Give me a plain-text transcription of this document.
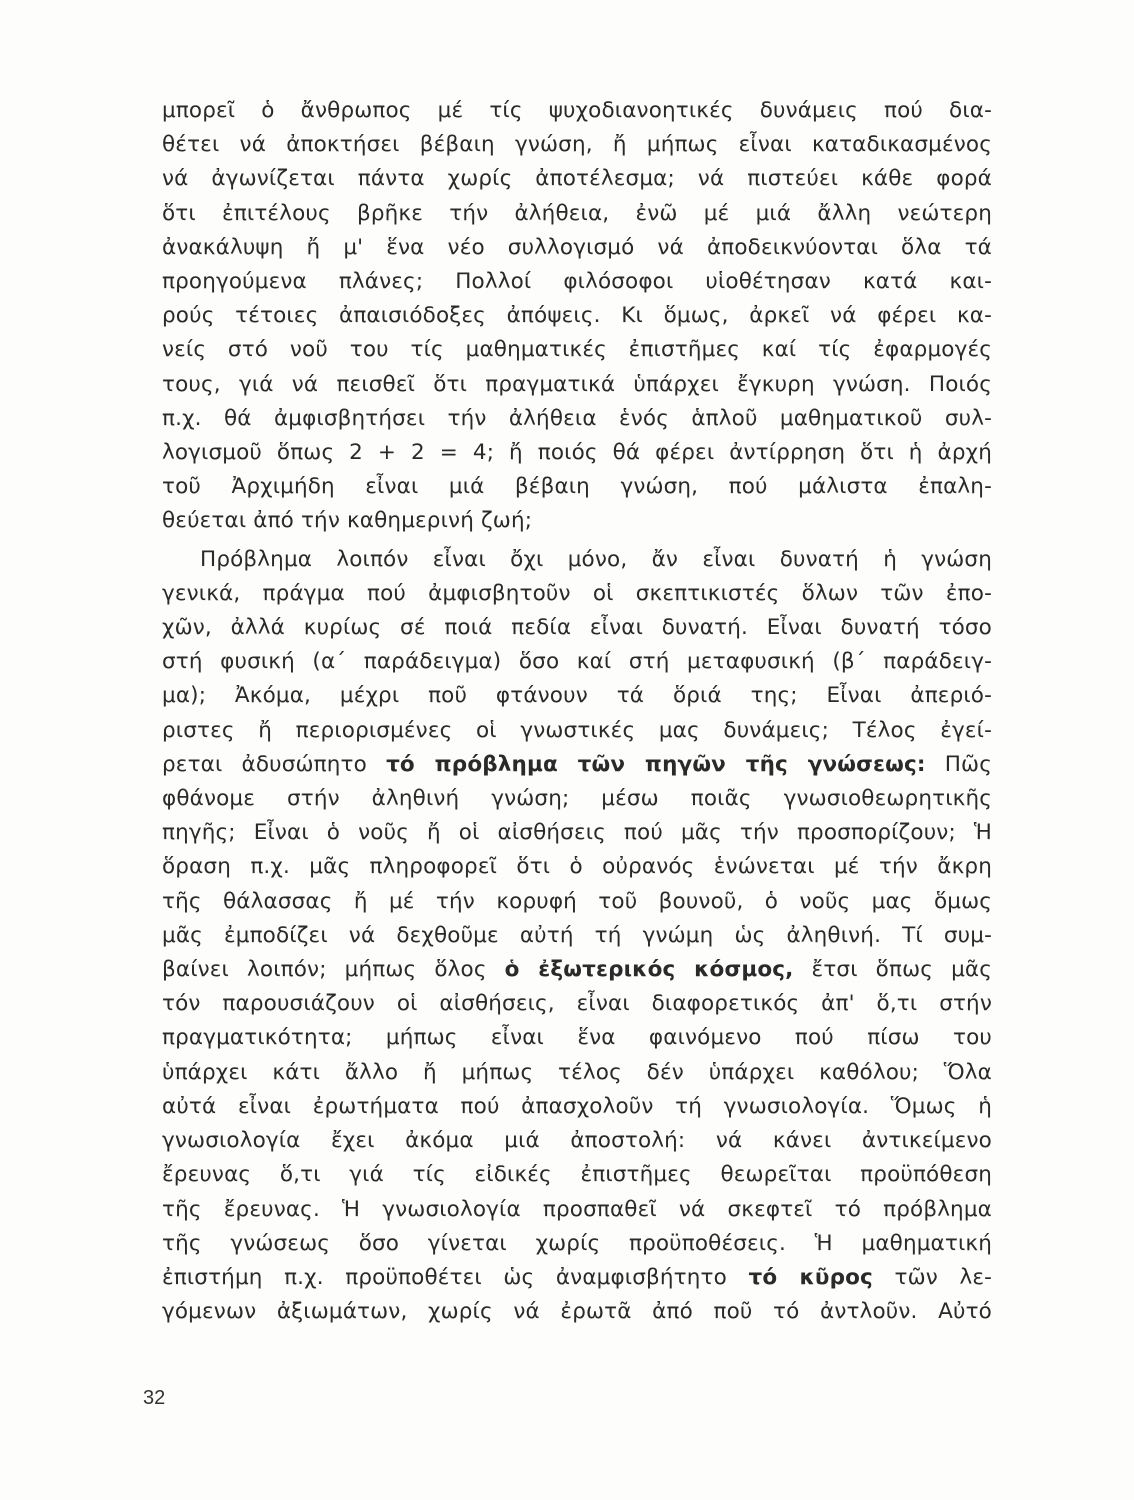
μπορεῖ ὁ ἄνθρωπος μέ τίς ψυχοδιανοητικές δυνάμεις πού δια-
θέτει νά ἀποκτήσει βέβαιη γνώση, ἤ μήπως εἶναι καταδικασμένος
νά ἀγωνίζεται πάντα χωρίς ἀποτέλεσμα; νά πιστεύει κάθε φορά
ὅτι ἐπιτέλους βρῆκε τήν ἀλήθεια, ἐνῶ μέ μιά ἄλλη νεώτερη
ἀνακάλυψη ἤ μ' ἕνα νέο συλλογισμό νά ἀποδεικνύονται ὅλα τά
προηγούμενα πλάνες; Πολλοί φιλόσοφοι υἱοθέτησαν κατά και-
ρούς τέτοιες ἀπαισιόδοξες ἀπόψεις. Κι ὅμως, ἀρκεῖ νά φέρει κα-
νείς στό νοῦ του τίς μαθηματικές ἐπιστῆμες καί τίς ἐφαρμογές
τους, γιά νά πεισθεῖ ὅτι πραγματικά ὑπάρχει ἔγκυρη γνώση. Ποιός
π.χ. θά ἀμφισβητήσει τήν ἀλήθεια ἑνός ἁπλοῦ μαθηματικοῦ συλ-
λογισμοῦ ὅπως 2 + 2 = 4; ἤ ποιός θά φέρει ἀντίρρηση ὅτι ἡ ἀρχή
τοῦ Ἀρχιμήδη εἶναι μιά βέβαιη γνώση, πού μάλιστα ἐπαλη-
θεύεται ἀπό τήν καθημερινή ζωή;
Πρόβλημα λοιπόν εἶναι ὄχι μόνο, ἄν εἶναι δυνατή ἡ γνώση
γενικά, πράγμα πού ἀμφισβητοῦν οἱ σκεπτικιστές ὅλων τῶν ἐπο-
χῶν, ἀλλά κυρίως σέ ποιά πεδία εἶναι δυνατή. Εἶναι δυνατή τόσο
στή φυσική (α΄ παράδειγμα) ὅσο καί στή μεταφυσική (β΄ παράδειγ-
μα); Ἀκόμα, μέχρι ποῦ φτάνουν τά ὅριά της; Εἶναι ἀπεριό-
ριστες ἤ περιορισμένες οἱ γνωστικές μας δυνάμεις; Τέλος ἐγεί-
ρεται ἀδυσώπητο τό πρόβλημα τῶν πηγῶν τῆς γνώσεως: Πῶς
φθάνομε στήν ἀληθινή γνώση; μέσω ποιᾶς γνωσιοθεωρητικῆς
πηγῆς; Εἶναι ὁ νοῦς ἤ οἱ αἰσθήσεις πού μᾶς τήν προσπορίζουν; Ἡ
ὅραση π.χ. μᾶς πληροφορεῖ ὅτι ὁ οὐρανός ἑνώνεται μέ τήν ἄκρη
τῆς θάλασσας ἤ μέ τήν κορυφή τοῦ βουνοῦ, ὁ νοῦς μας ὅμως
μᾶς ἐμποδίζει νά δεχθοῦμε αὐτή τή γνώμη ὡς ἀληθινή. Τί συμ-
βαίνει λοιπόν; μήπως ὅλος ὁ ἐξωτερικός κόσμος, ἔτσι ὅπως μᾶς
τόν παρουσιάζουν οἱ αἰσθήσεις, εἶναι διαφορετικός ἀπ' ὅ,τι στήν
πραγματικότητα; μήπως εἶναι ἕνα φαινόμενο πού πίσω του
ὑπάρχει κάτι ἄλλο ἤ μήπως τέλος δέν ὑπάρχει καθόλου; Ὅλα
αὐτά εἶναι ἐρωτήματα πού ἀπασχολοῦν τή γνωσιολογία. Ὅμως ἡ
γνωσιολογία ἔχει ἀκόμα μιά ἀποστολή: νά κάνει ἀντικείμενο
ἔρευνας ὅ,τι γιά τίς εἰδικές ἐπιστῆμες θεωρεῖται προϋπόθεση
τῆς ἔρευνας. Ἡ γνωσιολογία προσπαθεῖ νά σκεφτεῖ τό πρόβλημα
τῆς γνώσεως ὅσο γίνεται χωρίς προϋποθέσεις. Ἡ μαθηματική
ἐπιστήμη π.χ. προϋποθέτει ὡς ἀναμφισβήτητο τό κῦρος τῶν λε-
γόμενων ἀξιωμάτων, χωρίς νά ἐρωτᾶ ἀπό ποῦ τό ἀντλοῦν. Αὐτό
32
